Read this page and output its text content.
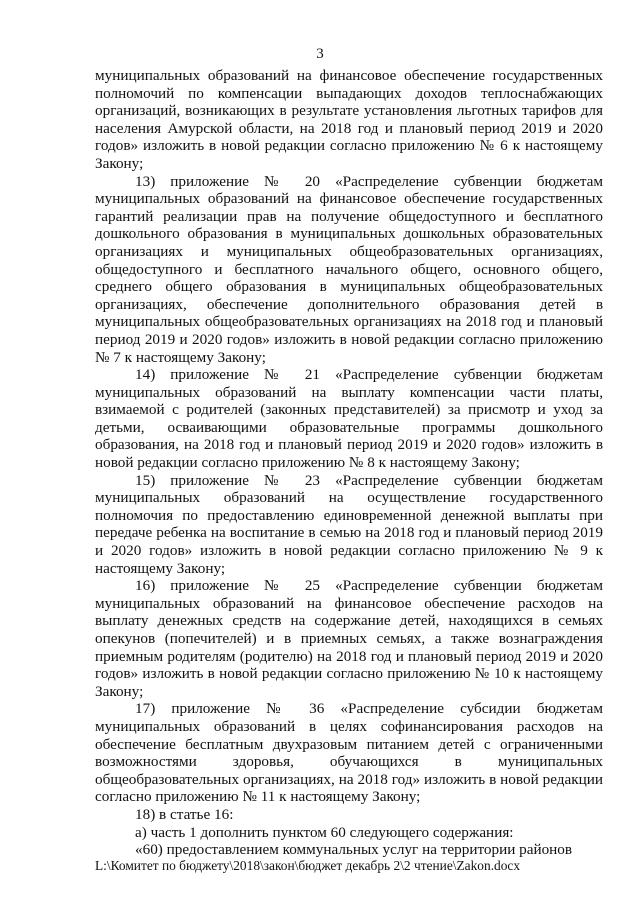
3

муниципальных образований на финансовое обеспечение государственных полномочий по компенсации выпадающих доходов теплоснабжающих организаций, возникающих в результате установления льготных тарифов для населения Амурской области, на 2018 год и плановый период 2019 и 2020 годов» изложить в новой редакции согласно приложению № 6 к настоящему Закону;

13) приложение № 20 «Распределение субвенции бюджетам муниципальных образований на финансовое обеспечение государственных гарантий реализации прав на получение общедоступного и бесплатного дошкольного образования в муниципальных дошкольных образовательных организациях и муниципальных общеобразовательных организациях, общедоступного и бесплатного начального общего, основного общего, среднего общего образования в муниципальных общеобразовательных организациях, обеспечение дополнительного образования детей в муниципальных общеобразовательных организациях на 2018 год и плановый период 2019 и 2020 годов» изложить в новой редакции согласно приложению № 7 к настоящему Закону;

14) приложение № 21 «Распределение субвенции бюджетам муниципальных образований на выплату компенсации части платы, взимаемой с родителей (законных представителей) за присмотр и уход за детьми, осваивающими образовательные программы дошкольного образования, на 2018 год и плановый период 2019 и 2020 годов» изложить в новой редакции согласно приложению № 8 к настоящему Закону;

15) приложение № 23 «Распределение субвенции бюджетам муниципальных образований на осуществление государственного полномочия по предоставлению единовременной денежной выплаты при передаче ребенка на воспитание в семью на 2018 год и плановый период 2019 и 2020 годов» изложить в новой редакции согласно приложению № 9 к настоящему Закону;

16) приложение № 25 «Распределение субвенции бюджетам муниципальных образований на финансовое обеспечение расходов на выплату денежных средств на содержание детей, находящихся в семьях опекунов (попечителей) и в приемных семьях, а также вознаграждения приемным родителям (родителю) на 2018 год и плановый период 2019 и 2020 годов» изложить в новой редакции согласно приложению № 10 к настоящему Закону;

17) приложение № 36 «Распределение субсидии бюджетам муниципальных образований в целях софинансирования расходов на обеспечение бесплатным двухразовым питанием детей с ограниченными возможностями здоровья, обучающихся в муниципальных общеобразовательных организациях, на 2018 год» изложить в новой редакции согласно приложению № 11 к настоящему Закону;

18) в статье 16:

а) часть 1 дополнить пунктом 60 следующего содержания:

«60) предоставлением коммунальных услуг на территории районов

L:\Комитет по бюджету\2018\закон\бюджет декабрь 2\2 чтение\Zakon.docx
